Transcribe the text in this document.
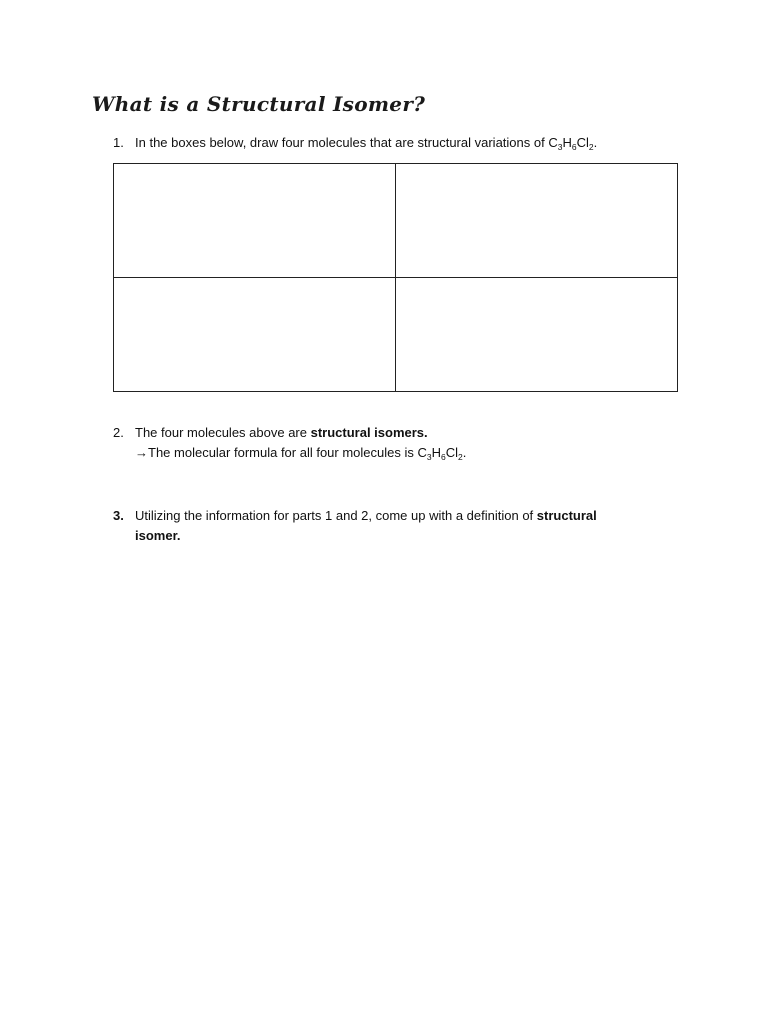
What is a Structural Isomer?
1. In the boxes below, draw four molecules that are structural variations of $C_3H_6Cl_2$.
2. The four molecules above are structural isomers.
→The molecular formula for all four molecules is $C_3H_6Cl_2$.
3. Utilizing the information for parts 1 and 2, come up with a definition of structural
isomer.
